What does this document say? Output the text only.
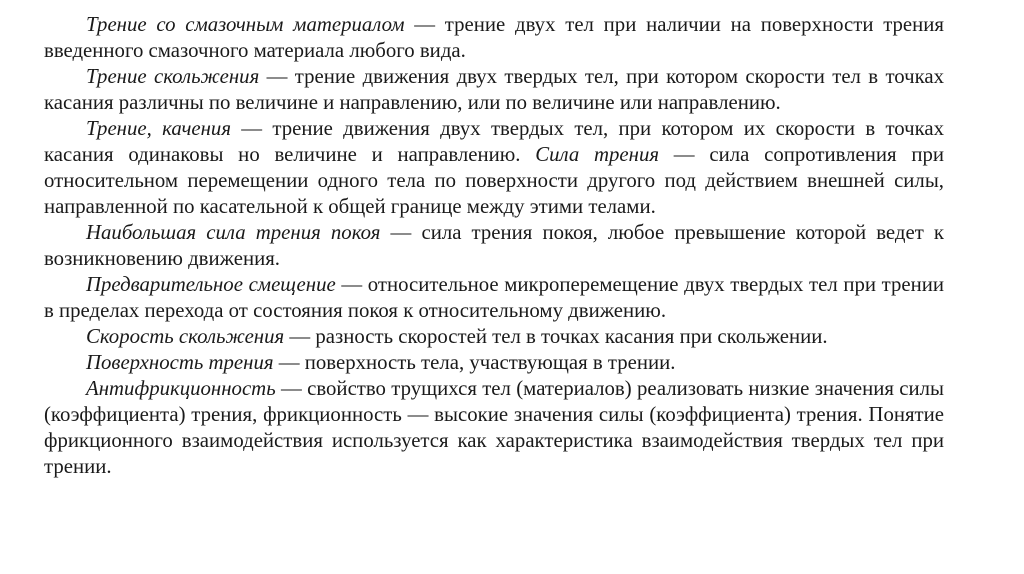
Трение со смазочным материалом — трение двух тел при наличии на поверхности трения введенного смазочного материала любого вида.

Трение скольжения — трение движения двух твердых тел, при котором скорости тел в точках касания различны по величине и направлению, или по величине или направлению.

Трение, качения — трение движения двух твердых тел, при котором их скорости в точках касания одинаковы но величине и направлению. Сила трения — сила сопротивления при относительном перемещении одного тела по поверхности другого под действием внешней силы, направленной по касательной к общей границе между этими телами.

Наибольшая сила трения покоя — сила трения покоя, любое превышение которой ведет к возникновению движения.

Предварительное смещение — относительное микроперемещение двух твердых тел при трении в пределах перехода от состояния покоя к относительному движению.

Скорость скольжения — разность скоростей тел в точках касания при скольжении.

Поверхность трения — поверхность тела, участвующая в трении.

Антифрикционность — свойство трущихся тел (материалов) реализовать низкие значения силы (коэффициента) трения, фрикционность — высокие значения силы (коэффициента) трения. Понятие фрикционного взаимодействия используется как характеристика взаимодействия твердых тел при трении.
